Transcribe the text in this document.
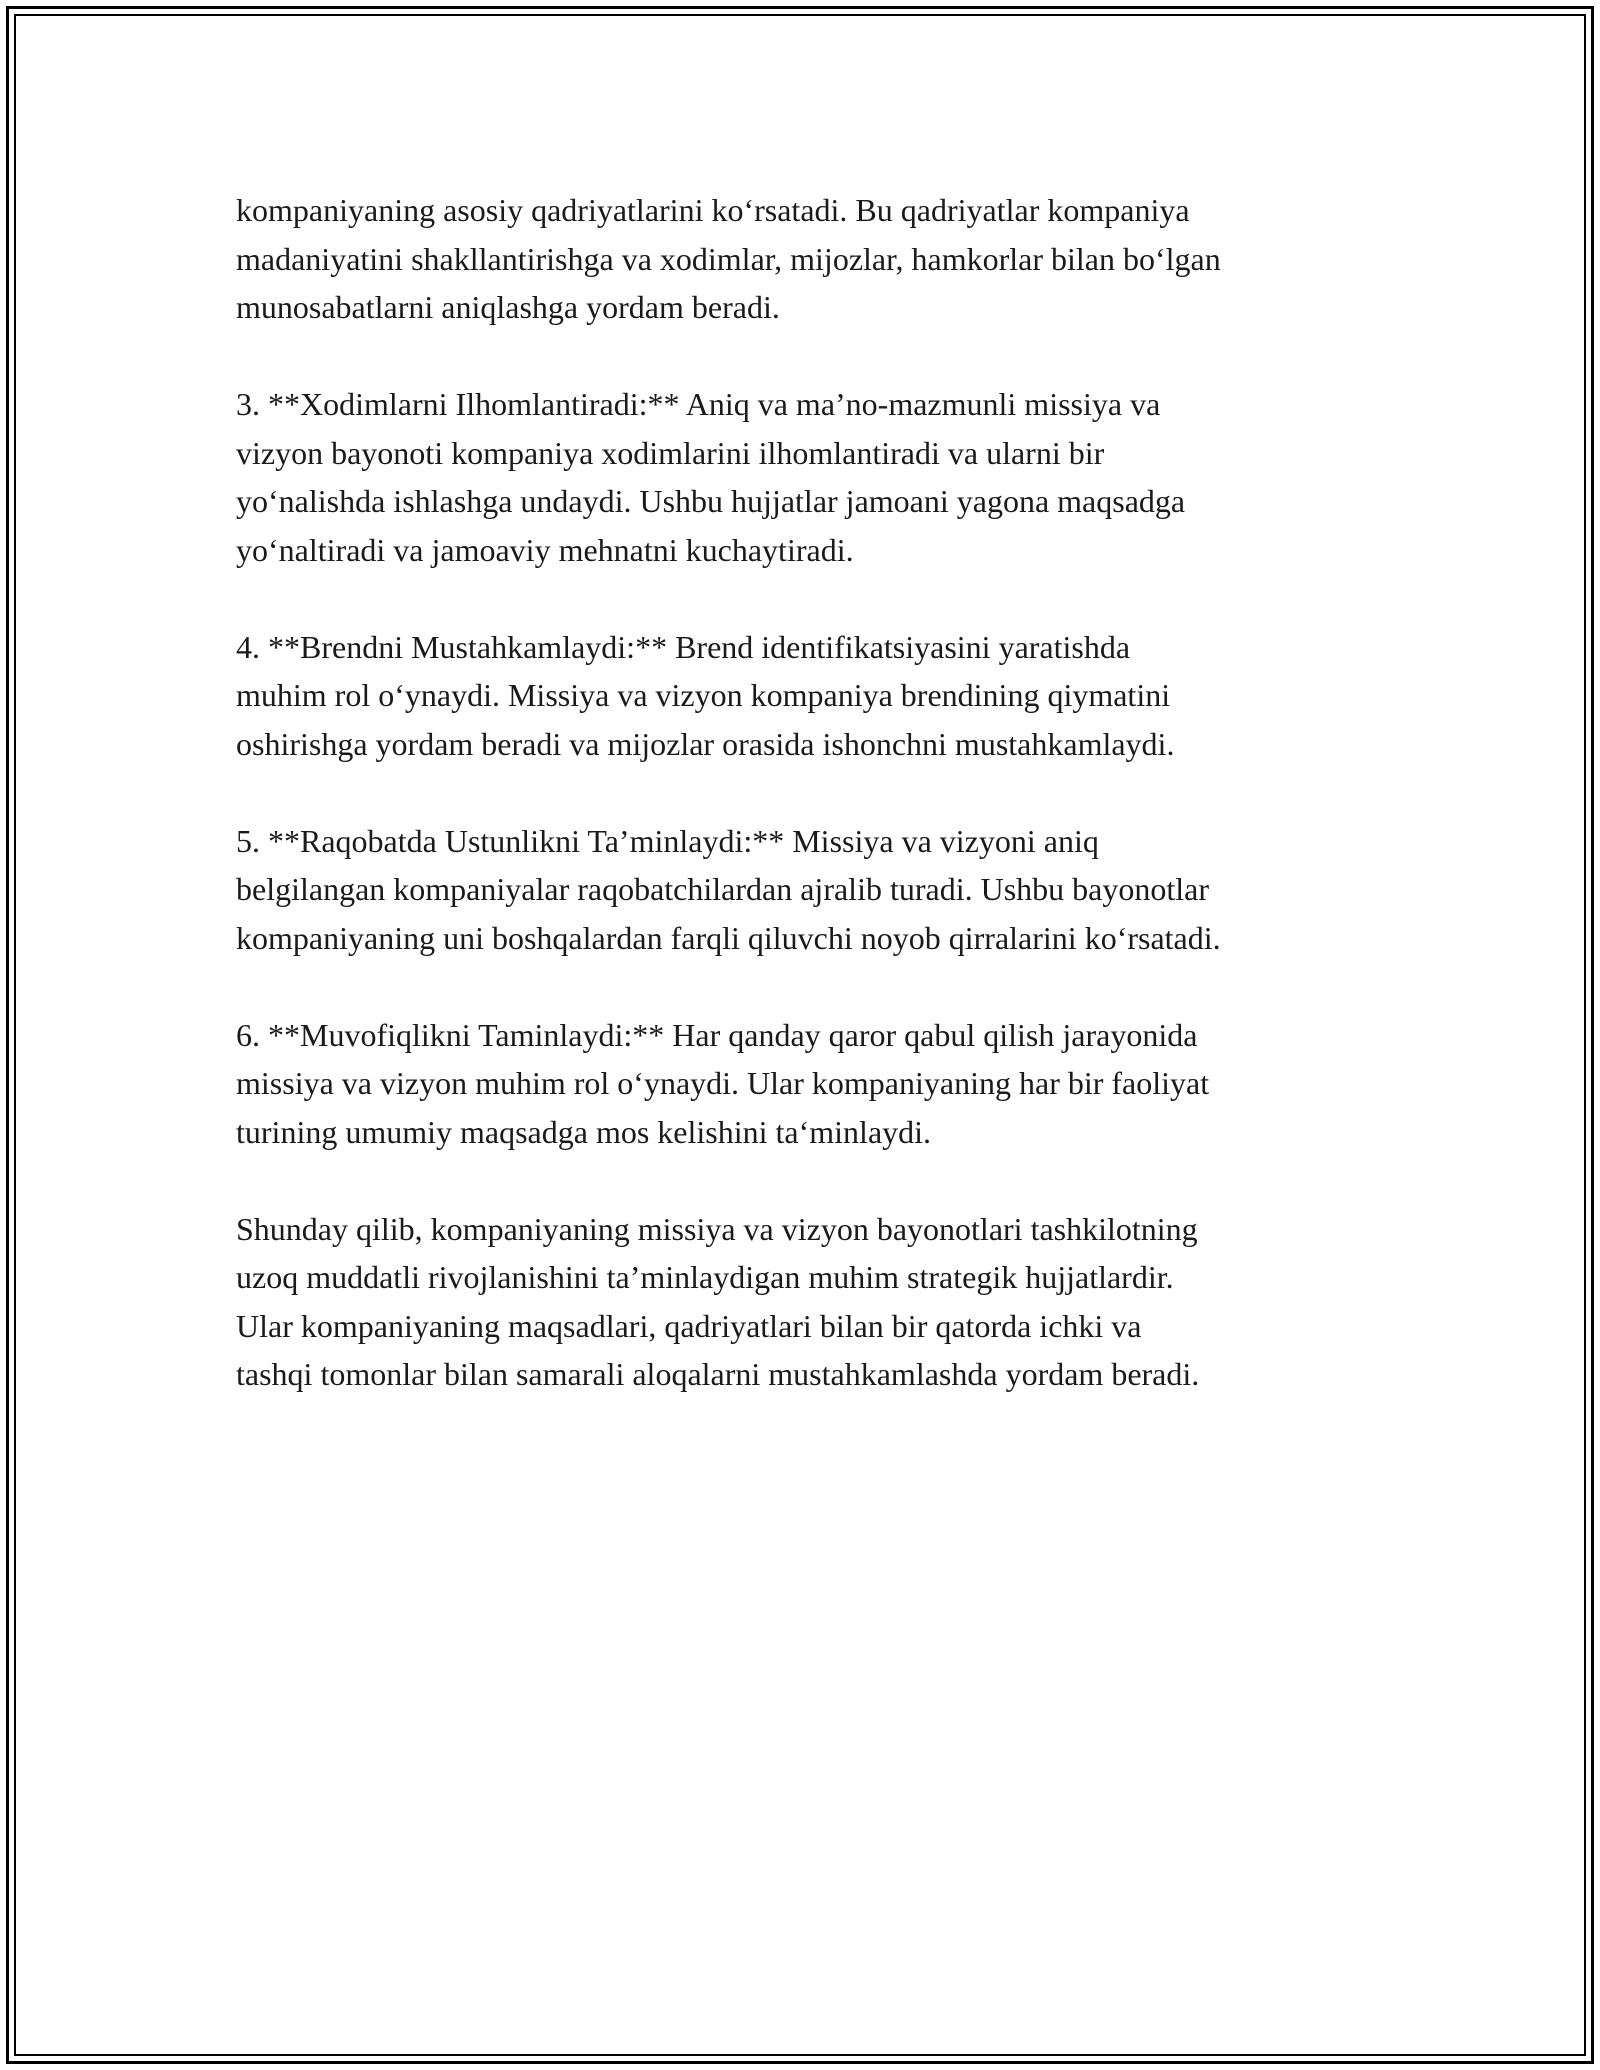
kompaniyaning asosiy qadriyatlarini ko‘rsatadi. Bu qadriyatlar kompaniya
madaniyatini shakllantirishga va xodimlar, mijozlar, hamkorlar bilan bo‘lgan
munosabatlarni aniqlashga yordam beradi.

3. **Xodimlarni Ilhomlantiradi:** Aniq va ma’no-mazmunli missiya va
vizyon bayonoti kompaniya xodimlarini ilhomlantiradi va ularni bir
yo‘nalishda ishlashga undaydi. Ushbu hujjatlar jamoani yagona maqsadga
yo‘naltiradi va jamoaviy mehnatni kuchaytiradi.

4. **Brendni Mustahkamlaydi:** Brend identifikatsiyasini yaratishda
muhim rol o‘ynaydi. Missiya va vizyon kompaniya brendining qiymatini
oshirishga yordam beradi va mijozlar orasida ishonchni mustahkamlaydi.

5. **Raqobatda Ustunlikni Ta’minlaydi:** Missiya va vizyoni aniq
belgilangan kompaniyalar raqobatchilardan ajralib turadi. Ushbu bayonotlar
kompaniyaning uni boshqalardan farqli qiluvchi noyob qirralarini ko‘rsatadi.

6. **Muvofiqlikni Taminlaydi:** Har qanday qaror qabul qilish jarayonida
missiya va vizyon muhim rol o‘ynaydi. Ular kompaniyaning har bir faoliyat
turining umumiy maqsadga mos kelishini ta‘minlaydi.

Shunday qilib, kompaniyaning missiya va vizyon bayonotlari tashkilotning
uzoq muddatli rivojlanishini ta’minlaydigan muhim strategik hujjatlardir.
Ular kompaniyaning maqsadlari, qadriyatlari bilan bir qatorda ichki va
tashqi tomonlar bilan samarali aloqalarni mustahkamlashda yordam beradi.
